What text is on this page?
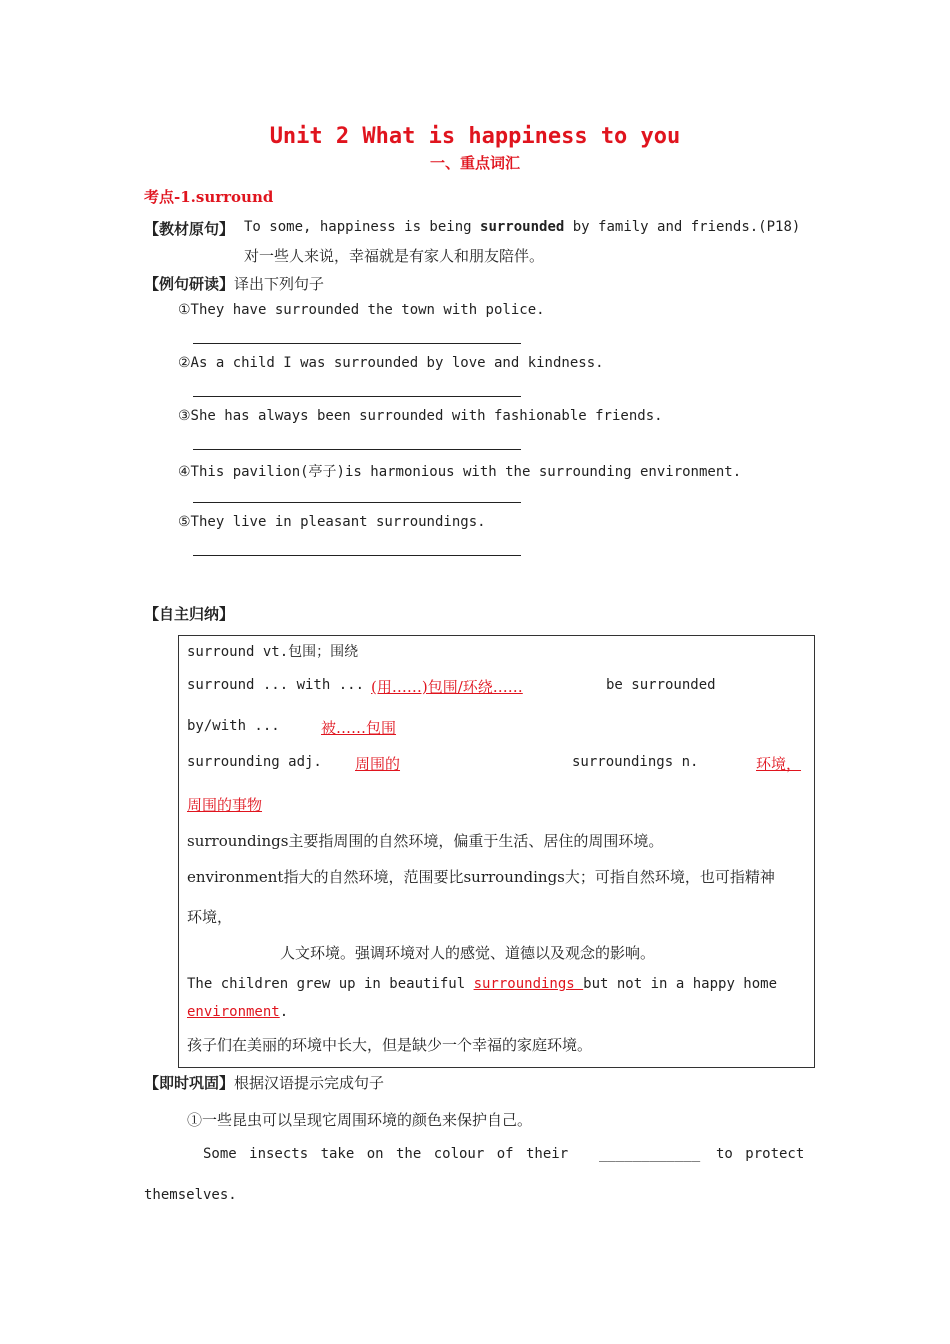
Unit 2 What is happiness to you
一、重点词汇
考点-1.surround
【教材原句】 To some, happiness is being surrounded by family and friends.(P18)
对一些人来说，幸福就是有家人和朋友陪伴。
【例句研读】译出下列句子
①They have surrounded the town with police.
②As a child I was surrounded by love and kindness.
③She has always been surrounded with fashionable friends.
④This pavilion(亭子)is harmonious with the surrounding environment.
⑤They live in pleasant surroundings.
【自主归纳】
surround vt.包围；围绕
surround ... with ... (用……)包围/环绕……	be surrounded
by/with ...	被……包围
surrounding adj. 周围的	surroundings n.	环境，
周围的事物
surroundings主要指周围的自然环境，偏重于生活、居住的周围环境。
environment指大的自然环境，范围要比surroundings大；可指自然环境，也可指精神
环境，
人文环境。强调环境对人的感觉、道德以及观念的影响。
The children grew up in beautiful surroundings but not in a happy home
environment.
孩子们在美丽的环境中长大，但是缺少一个幸福的家庭环境。
【即时巩固】根据汉语提示完成句子
①一些昆虫可以呈现它周围环境的颜色来保护自己。
Some insects take on the colour of their ____________ to protect
themselves.
